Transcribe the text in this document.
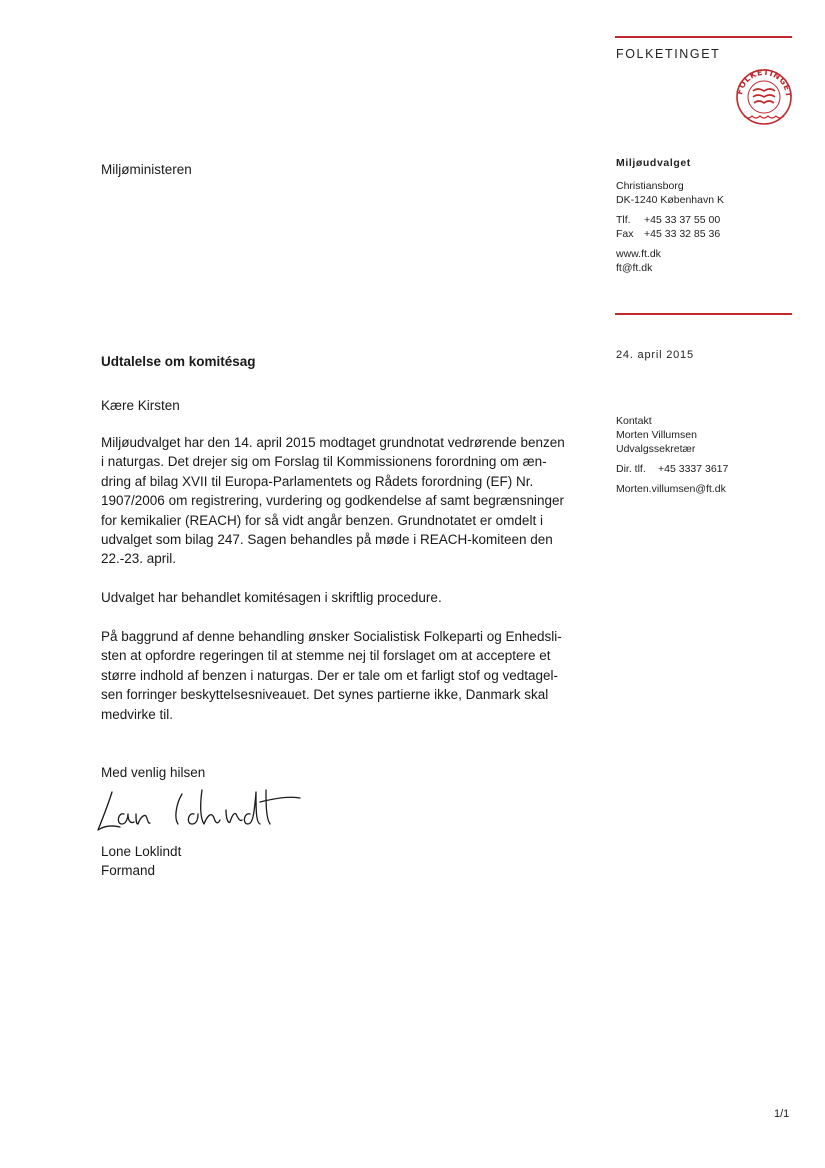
FOLKETINGET
FOLKETINGET
Miljøministeren	Miljøudvalget
Christiansborg
DK-1240 København K
Tlf. +45 33 37 55 00
Fax +45 33 32 85 36
www.ft.dk
ft@ft.dk
24. april 2015
Kontakt
Morten Villumsen
Udvalgssekretær
Dir. tlf. +45 3337 3617
Morten.villumsen@ft.dk
Udtalelse om komitésag
Kære Kirsten
Miljøudvalget har den 14. april 2015 modtaget grundnotat vedrørende benzen
i naturgas. Det drejer sig om Forslag til Kommissionens forordning om æn-
dring af bilag XVII til Europa-Parlamentets og Rådets forordning (EF) Nr.
1907/2006 om registrering, vurdering og godkendelse af samt begrænsninger
for kemikalier (REACH) for så vidt angår benzen. Grundnotatet er omdelt i
udvalget som bilag 247. Sagen behandles på møde i REACH-komiteen den
22.-23. april.
Udvalget har behandlet komitésagen i skriftlig procedure.
På baggrund af denne behandling ønsker Socialistisk Folkeparti og Enhedsli-
sten at opfordre regeringen til at stemme nej til forslaget om at acceptere et
større indhold af benzen i naturgas. Der er tale om et farligt stof og vedtagel-
sen forringer beskyttelsesniveauet. Det synes partierne ikke, Danmark skal
medvirke til.
Med venlig hilsen
Lone Loklindt
Formand
1/1
